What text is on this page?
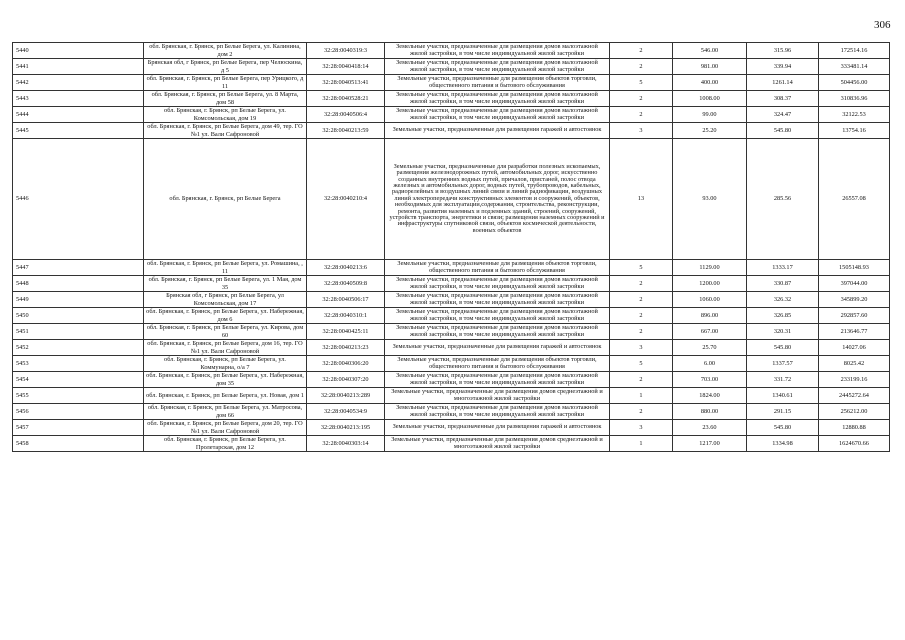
306
5440	обл. Брянская, г. Брянск, рп Белые Берега, ул. Калинина, дом 2	32:28:0040319:3	Земельные участки, предназначенные для размещения домов малоэтажной жилой застройки, в том числе индивидуальной жилой застройки	2	546.00	315.96	172514.16
5441	Брянская обл, г Брянск, рп Белые Берега, пер Челюскина, д 5	32:28:0040418:14	Земельные участки, предназначенные для размещения домов малоэтажной жилой застройки, в том числе индивидуальной жилой застройки	2	981.00	339.94	333481.14
5442	обл. Брянская, г. Брянск, рп Белые Берега, пер Урицкого, д 11	32:28:0040513:41	Земельные участки, предназначенные для размещения объектов торговли, общественного питания и бытового обслуживания	5	400.00	1261.14	504456.00
5443	обл. Брянская, г. Брянск, рп Белые Берега, ул. 8 Марта, дом 58	32:28:0040528:21	Земельные участки, предназначенные для размещения домов малоэтажной жилой застройки, в том числе индивидуальной жилой застройки	2	1008.00	308.37	310836.96
5444	обл. Брянская, г. Брянск, рп Белые Берега, ул. Комсомольская, дом 19	32:28:0040506:4	Земельные участки, предназначенные для размещения домов малоэтажной жилой застройки, в том числе индивидуальной жилой застройки	2	99.00	324.47	32122.53
5445	обл. Брянская, г. Брянск, рп Белые Берега, дом 49, тер. ГО №1 ул. Вали Сафроновой	32:28:0040213:59	Земельные участки, предназначенные для размещения гаражей и автостоянок	3	25.20	545.80	13754.16
5446	обл. Брянская, г. Брянск, рп Белые Берега	32:28:0040210:4	Земельные участки, предназначенные для разработки полезных ископаемых, размещения железнодорожных путей, автомобильных дорог, искусственно созданных внутренних водных путей, причалов, пристаней, полос отвода железных и автомобильных дорог, водных путей, трубопроводов, кабельных, радиорелейных и воздушных линий связи и линий радиофикации, воздушных линий электропередачи конструктивных элементов и сооружений, объектов, необходимых для эксплуатации,содержания, строительства, реконструкции, ремонта, развития наземных и подземных зданий, строений, сооружений, устройств транспорта, энергетики и связи; размещения наземных сооружений и инфраструктуры спутниковой связи, объектов космической деятельности, военных объектов	13	93.00	285.56	26557.08
5447	обл. Брянская, г. Брянск, рп Белые Берега, ул. Ромашина, , 11	32:28:0040213:6	Земельные участки, предназначенные для размещения объектов торговли, общественного питания и бытового обслуживания	5	1129.00	1333.17	1505148.93
5448	обл. Брянская, г. Брянск, рп Белые Берега, ул. 1 Мая, дом 35	32:28:0040509:8	Земельные участки, предназначенные для размещения домов малоэтажной жилой застройки, в том числе индивидуальной жилой застройки	2	1200.00	330.87	397044.00
5449	Брянская обл, г Брянск, рп Белые Берега, ул Комсомольская, дом 17	32:28:0040506:17	Земельные участки, предназначенные для размещения домов малоэтажной жилой застройки, в том числе индивидуальной жилой застройки	2	1060.00	326.32	345899.20
5450	обл. Брянская, г. Брянск, рп Белые Берега, ул. Набережная, дом 6	32:28:0040310:1	Земельные участки, предназначенные для размещения домов малоэтажной жилой застройки, в том числе индивидуальной жилой застройки	2	896.00	326.85	292857.60
5451	обл. Брянская, г. Брянск, рп Белые Берега, ул. Кирова, дом 60	32:28:0040425:11	Земельные участки, предназначенные для размещения домов малоэтажной жилой застройки, в том числе индивидуальной жилой застройки	2	667.00	320.31	213646.77
5452	обл. Брянская, г. Брянск, рп Белые Берега, дом 16, тер. ГО №1 ул. Вали Сафроновой	32:28:0040213:23	Земельные участки, предназначенные для размещения гаражей и автостоянок	3	25.70	545.80	14027.06
5453	обл. Брянская, г. Брянск, рп Белые Берега, ул. Коммунарна, о/а 7	32:28:0040306:20	Земельные участки, предназначенные для размещения объектов торговли, общественного питания и бытового обслуживания	5	6.00	1337.57	8025.42
5454	обл. Брянская, г. Брянск, рп Белые Берега, ул. Набережная, дом 35	32:28:0040307:20	Земельные участки, предназначенные для размещения домов малоэтажной жилой застройки, в том числе индивидуальной жилой застройки	2	703.00	331.72	233199.16
5455	обл. Брянская, г. Брянск, рп Белые Берега, ул. Новая, дом 1	32:28:0040213:289	Земельные участки, предназначенные для размещения домов среднеэтажной и многоэтажной жилой застройки	1	1824.00	1340.61	2445272.64
5456	обл. Брянская, г. Брянск, рп Белые Берега, ул. Матросова, дом 66	32:28:0040534:9	Земельные участки, предназначенные для размещения домов малоэтажной жилой застройки, в том числе индивидуальной жилой застройки	2	880.00	291.15	256212.00
5457	обл. Брянская, г. Брянск, рп Белые Берега, дом 20, тер. ГО №1 ул. Вали Сафроновой	32:28:0040213:195	Земельные участки, предназначенные для размещения гаражей и автостоянок	3	23.60	545.80	12880.88
5458	обл. Брянская, г. Брянск, рп Белые Берега, ул. Пролетарская, дом 12	32:28:0040303:14	Земельные участки, предназначенные для размещения домов среднеэтажной и многоэтажной жилой застройки	1	1217.00	1334.98	1624670.66
